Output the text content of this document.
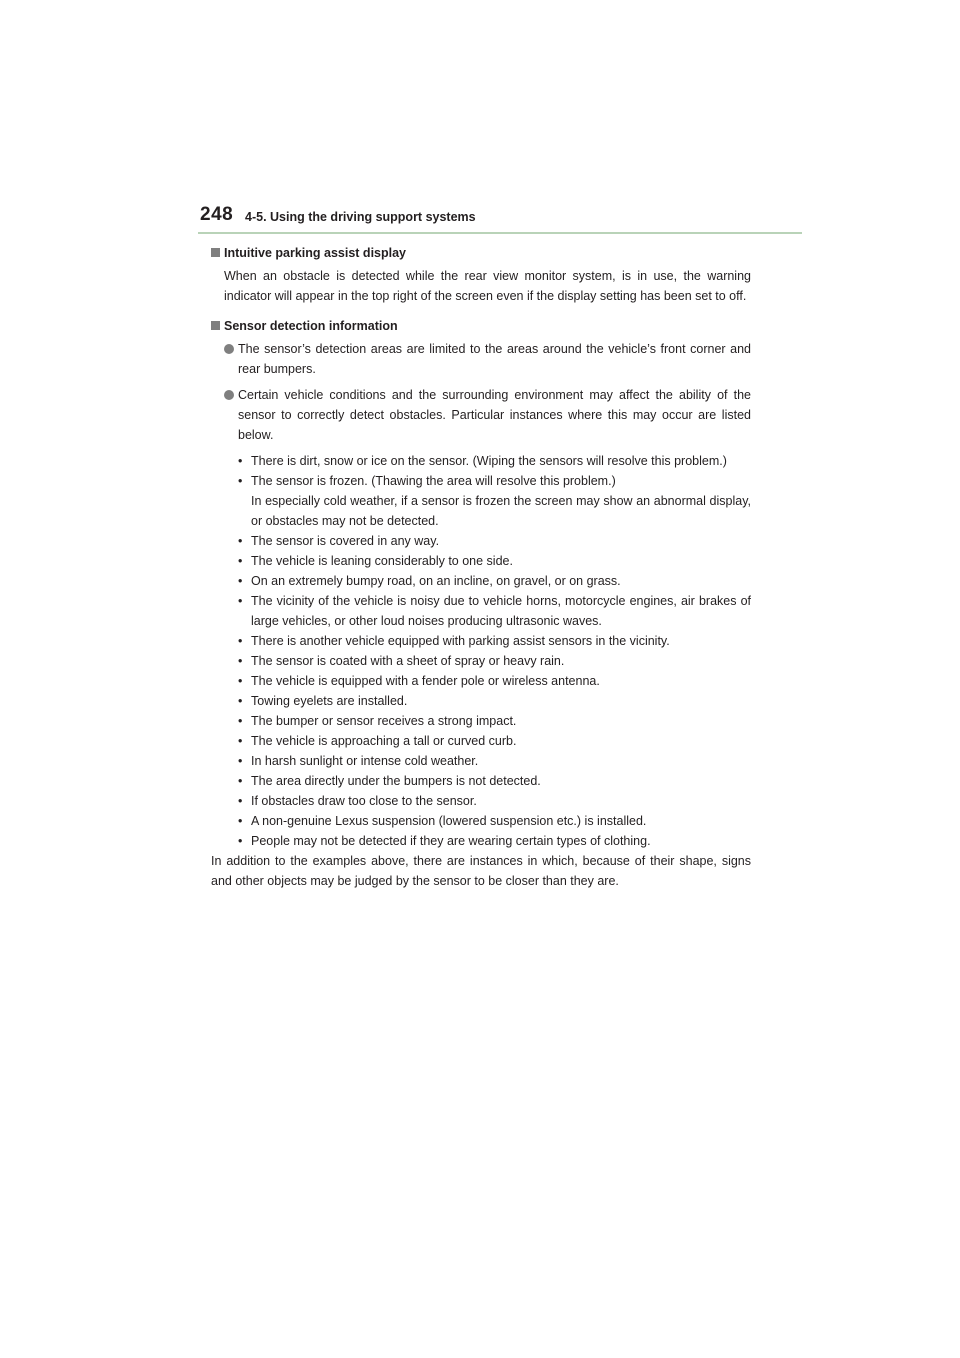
248 4-5. Using the driving support systems

Intuitive parking assist display

When an obstacle is detected while the rear view monitor system, is in use, the warning indicator will appear in the top right of the screen even if the display setting has been set to off.

Sensor detection information

The sensor’s detection areas are limited to the areas around the vehicle’s front corner and rear bumpers.
Certain vehicle conditions and the surrounding environment may affect the ability of the sensor to correctly detect obstacles. Particular instances where this may occur are listed below.
• There is dirt, snow or ice on the sensor. (Wiping the sensors will resolve this problem.)
• The sensor is frozen. (Thawing the area will resolve this problem.)
In especially cold weather, if a sensor is frozen the screen may show an abnormal display, or obstacles may not be detected.
• The sensor is covered in any way.
• The vehicle is leaning considerably to one side.
• On an extremely bumpy road, on an incline, on gravel, or on grass.
• The vicinity of the vehicle is noisy due to vehicle horns, motorcycle engines, air brakes of large vehicles, or other loud noises producing ultrasonic waves.
• There is another vehicle equipped with parking assist sensors in the vicinity.
• The sensor is coated with a sheet of spray or heavy rain.
• The vehicle is equipped with a fender pole or wireless antenna.
• Towing eyelets are installed.
• The bumper or sensor receives a strong impact.
• The vehicle is approaching a tall or curved curb.
• In harsh sunlight or intense cold weather.
• The area directly under the bumpers is not detected.
• If obstacles draw too close to the sensor.
• A non-genuine Lexus suspension (lowered suspension etc.) is installed.
• People may not be detected if they are wearing certain types of clothing.

In addition to the examples above, there are instances in which, because of their shape, signs and other objects may be judged by the sensor to be closer than they are.
